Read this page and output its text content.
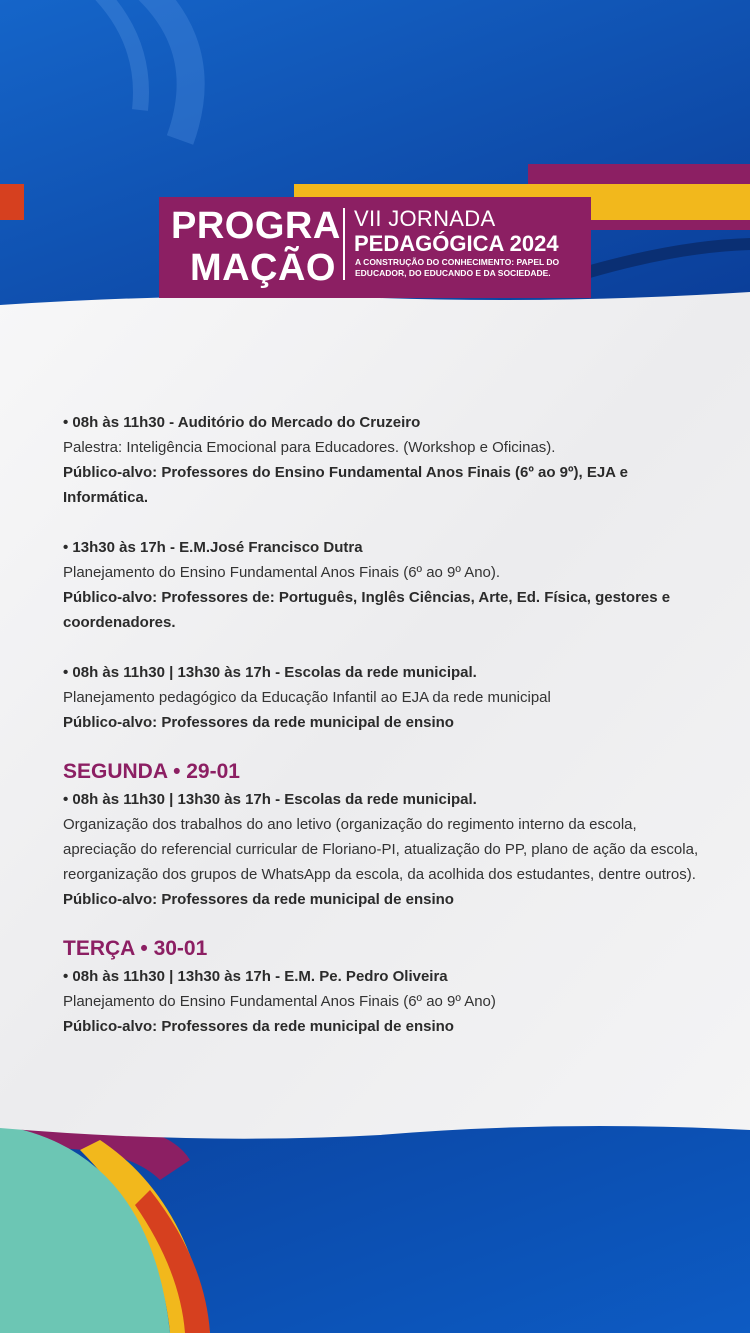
PROGRA
MAÇÃO
VII JORNADA
PEDAGÓGICA 2024
A CONSTRUÇÃO DO CONHECIMENTO: PAPEL DO
EDUCADOR, DO EDUCANDO E DA SOCIEDADE.

• 08h às 11h30 - Auditório do Mercado do Cruzeiro

Palestra: Inteligência Emocional para Educadores. (Workshop e Oficinas).

Público-alvo: Professores do Ensino Fundamental Anos Finais (6º ao 9º), EJA e Informática.

• 13h30 às 17h - E.M.José Francisco Dutra

Planejamento do Ensino Fundamental Anos Finais (6º ao 9º Ano).

Público-alvo: Professores de: Português, Inglês Ciências, Arte, Ed. Física, gestores e coordenadores.

• 08h às 11h30 | 13h30 às 17h - Escolas da rede municipal.

Planejamento pedagógico da Educação Infantil ao EJA da rede municipal

Público-alvo: Professores da rede municipal de ensino

SEGUNDA • 29-01

• 08h às 11h30 | 13h30 às 17h - Escolas da rede municipal.

Organização dos trabalhos do ano letivo (organização do regimento interno da escola, apreciação do referencial curricular de Floriano-PI, atualização do PP, plano de ação da escola, reorganização dos grupos de WhatsApp da escola, da acolhida dos estudantes, dentre outros).

Público-alvo: Professores da rede municipal de ensino

TERÇA • 30-01

• 08h às 11h30 | 13h30 às 17h - E.M. Pe. Pedro Oliveira

Planejamento do Ensino Fundamental Anos Finais (6º ao 9º Ano)

Público-alvo: Professores da rede municipal de ensino
